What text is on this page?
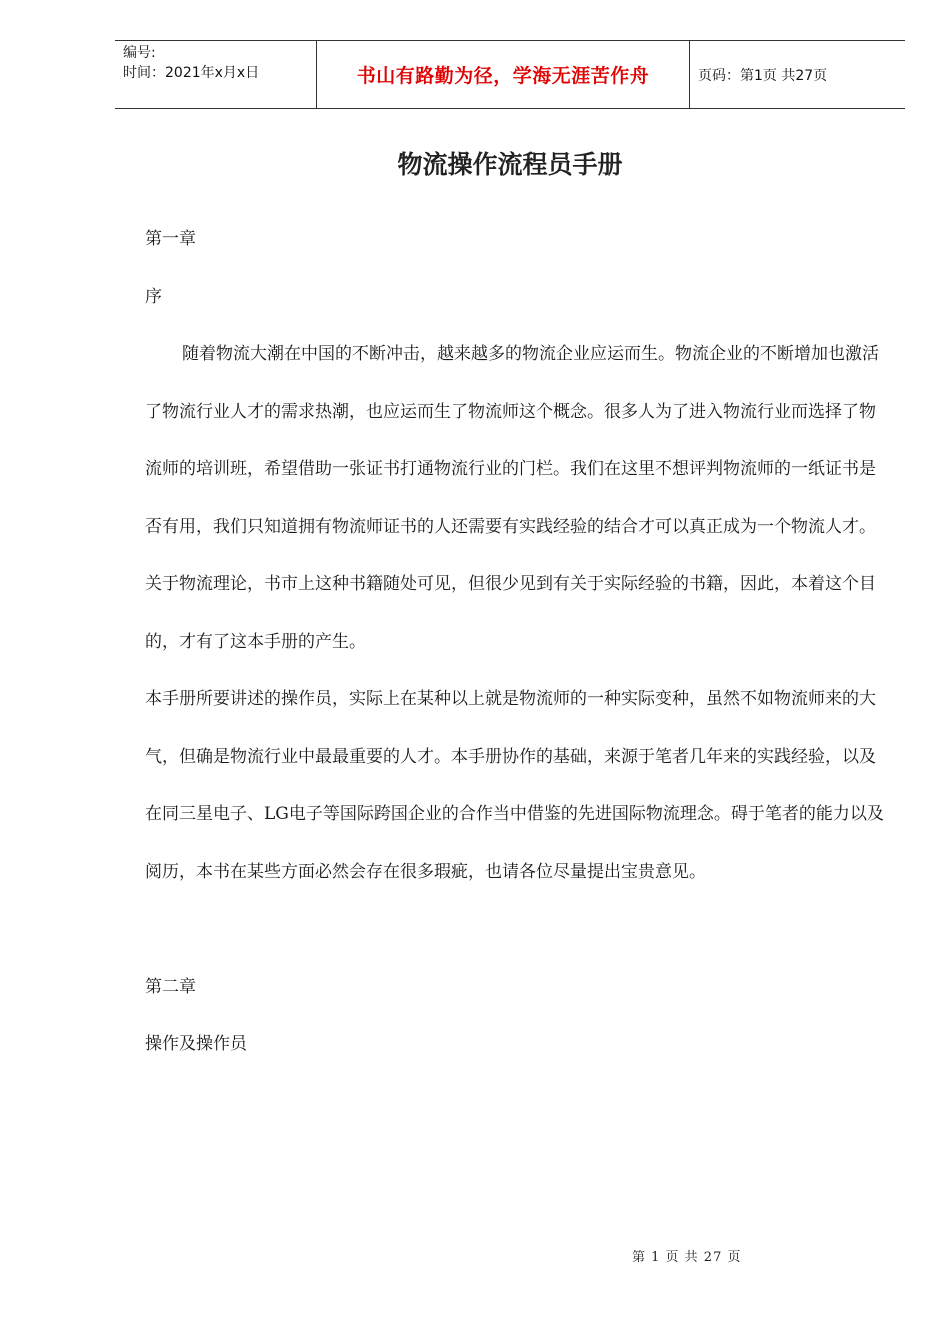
编号:
时间：2021年x月x日	书山有路勤为径，学海无涯苦作舟	页码：第1页 共27页
物流操作流程员手册

第一章

序

随着物流大潮在中国的不断冲击，越来越多的物流企业应运而生。物流企业的不断增加也激活了物流行业人才的需求热潮，也应运而生了物流师这个概念。很多人为了进入物流行业而选择了物流师的培训班，希望借助一张证书打通物流行业的门栏。我们在这里不想评判物流师的一纸证书是否有用，我们只知道拥有物流师证书的人还需要有实践经验的结合才可以真正成为一个物流人才。关于物流理论，书市上这种书籍随处可见，但很少见到有关于实际经验的书籍，因此，本着这个目的，才有了这本手册的产生。

本手册所要讲述的操作员，实际上在某种以上就是物流师的一种实际变种，虽然不如物流师来的大气，但确是物流行业中最最重要的人才。本手册协作的基础，来源于笔者几年来的实践经验，以及在同三星电子、LG电子等国际跨国企业的合作当中借鉴的先进国际物流理念。碍于笔者的能力以及阅历，本书在某些方面必然会存在很多瑕疵，也请各位尽量提出宝贵意见。

第二章

操作及操作员

第 1 页 共 27 页
